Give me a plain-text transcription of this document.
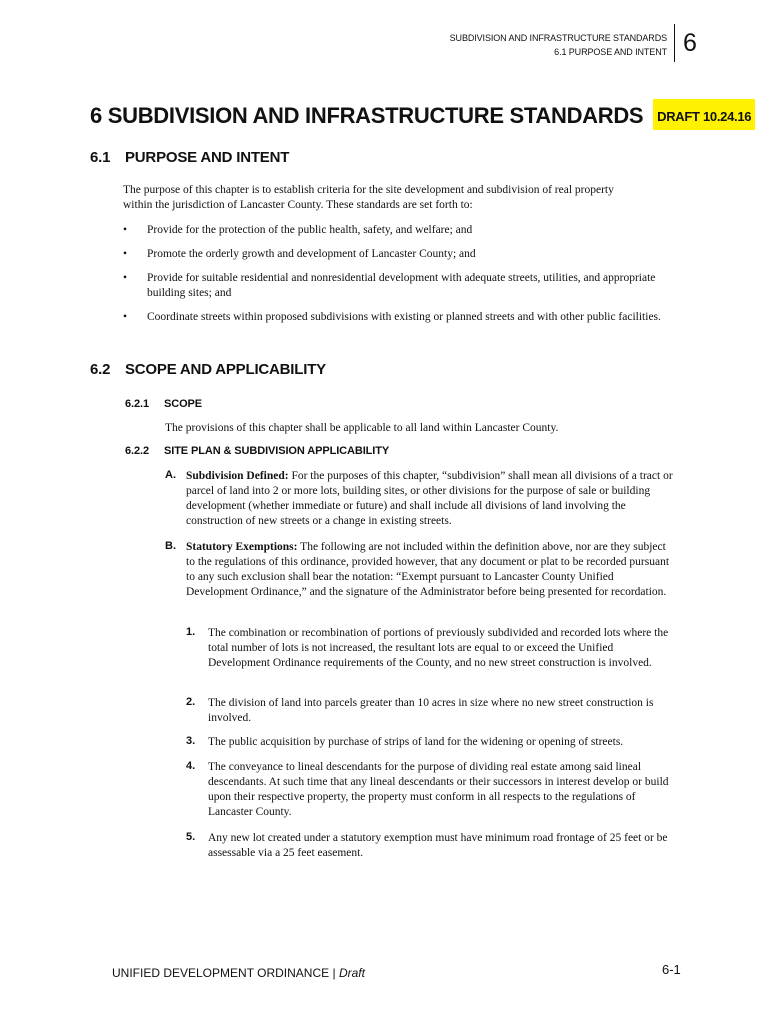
SUBDIVISION AND INFRASTRUCTURE STANDARDS
6.1 PURPOSE AND INTENT 6
6 SUBDIVISION AND INFRASTRUCTURE STANDARDS DRAFT 10.24.16
6.1 PURPOSE AND INTENT
The purpose of this chapter is to establish criteria for the site development and subdivision of real property within the jurisdiction of Lancaster County. These standards are set forth to:
• Provide for the protection of the public health, safety, and welfare; and
• Promote the orderly growth and development of Lancaster County; and
• Provide for suitable residential and nonresidential development with adequate streets, utilities, and appropriate building sites; and
• Coordinate streets within proposed subdivisions with existing or planned streets and with other public facilities.
6.2 SCOPE AND APPLICABILITY
6.2.1 SCOPE
The provisions of this chapter shall be applicable to all land within Lancaster County.
6.2.2 SITE PLAN & SUBDIVISION APPLICABILITY
A. Subdivision Defined: For the purposes of this chapter, “subdivision” shall mean all divisions of a tract or parcel of land into 2 or more lots, building sites, or other divisions for the purpose of sale or building development (whether immediate or future) and shall include all divisions of land involving the construction of new streets or a change in existing streets.
B. Statutory Exemptions: The following are not included within the definition above, nor are they subject to the regulations of this ordinance, provided however, that any document or plat to be recorded pursuant to any such exclusion shall bear the notation: “Exempt pursuant to Lancaster County Unified Development Ordinance,” and the signature of the Administrator before being presented for recordation.
1. The combination or recombination of portions of previously subdivided and recorded lots where the total number of lots is not increased, the resultant lots are equal to or exceed the Unified Development Ordinance requirements of the County, and no new street construction is involved.
2. The division of land into parcels greater than 10 acres in size where no new street construction is involved.
3. The public acquisition by purchase of strips of land for the widening or opening of streets.
4. The conveyance to lineal descendants for the purpose of dividing real estate among said lineal descendants. At such time that any lineal descendants or their successors in interest develop or build upon their respective property, the property must conform in all respects to the regulations of Lancaster County.
5. Any new lot created under a statutory exemption must have minimum road frontage of 25 feet or be assessable via a 25 feet easement.
UNIFIED DEVELOPMENT ORDINANCE | Draft	6-1
